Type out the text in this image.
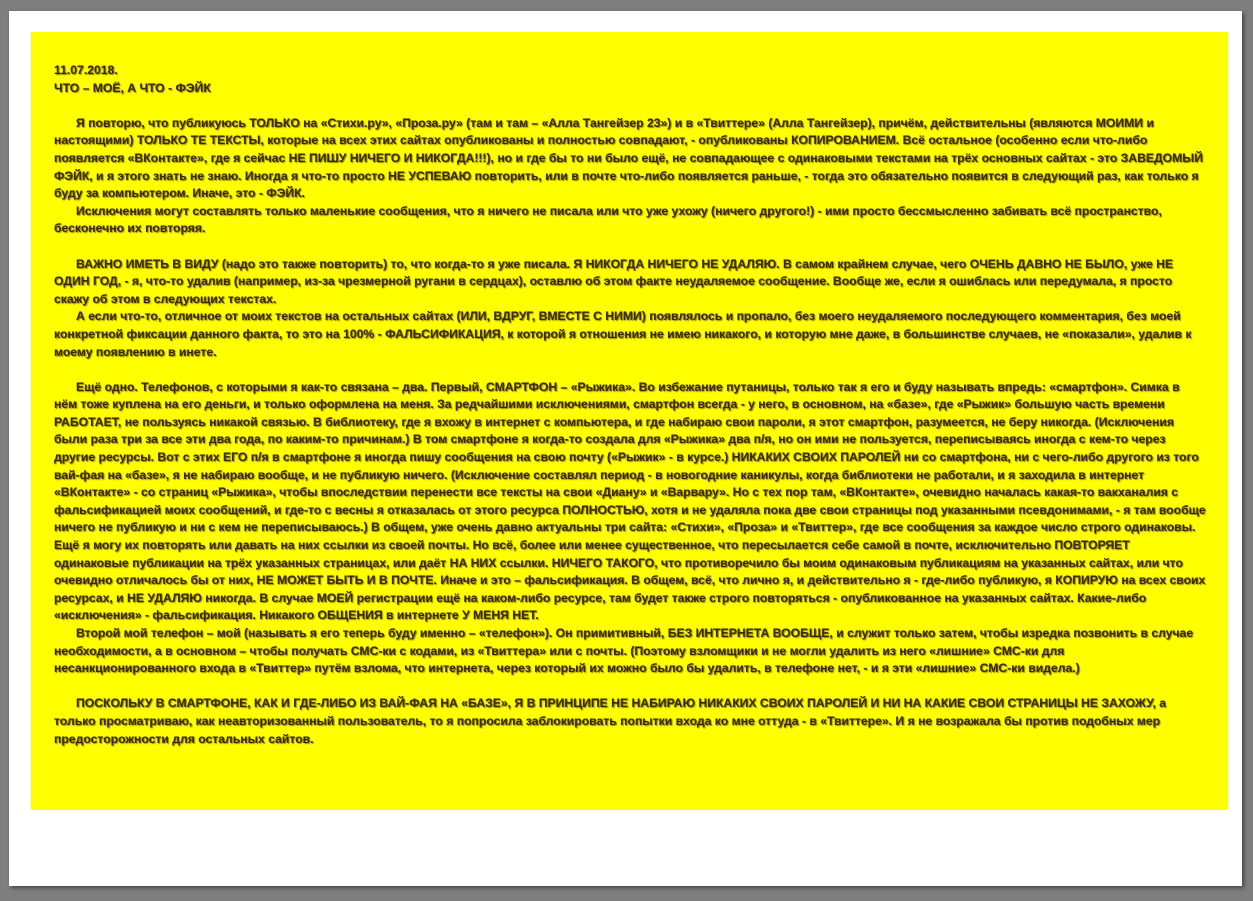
11.07.2018.

ЧТО – МОЁ, А ЧТО - ФЭЙК

Я повторю, что публикуюсь ТОЛЬКО на «Стихи.ру», «Проза.ру» (там и там – «Алла Тангейзер 23») и в «Твиттере» (Алла Тангейзер), причём, действительны (являются МОИМИ и настоящими) ТОЛЬКО ТЕ ТЕКСТЫ, которые на всех этих сайтах опубликованы и полностью совпадают, - опубликованы КОПИРОВАНИЕМ. Всё остальное (особенно если что-либо появляется «ВКонтакте», где я сейчас НЕ ПИШУ НИЧЕГО И НИКОГДА!!!), но и где бы то ни было ещё, не совпадающее с одинаковыми текстами на трёх основных сайтах - это ЗАВЕДОМЫЙ ФЭЙК, и я этого знать не знаю. Иногда я что-то просто НЕ УСПЕВАЮ повторить, или в почте что-либо появляется раньше, - тогда это обязательно появится в следующий раз, как только я буду за компьютером. Иначе, это - ФЭЙК.

Исключения могут составлять только маленькие сообщения, что я ничего не писала или что уже ухожу (ничего другого!) - ими просто бессмысленно забивать всё пространство, бесконечно их повторяя.

ВАЖНО ИМЕТЬ В ВИДУ (надо это также повторить) то, что когда-то я уже писала. Я НИКОГДА НИЧЕГО НЕ УДАЛЯЮ. В самом крайнем случае, чего ОЧЕНЬ ДАВНО НЕ БЫЛО, уже НЕ ОДИН ГОД, - я, что-то удалив (например, из-за чрезмерной ругани в сердцах), оставлю об этом факте неудаляемое сообщение. Вообще же, если я ошиблась или передумала, я просто скажу об этом в следующих текстах.

А если что-то, отличное от моих текстов на остальных сайтах (ИЛИ, ВДРУГ, ВМЕСТЕ С НИМИ) появлялось и пропало, без моего неудаляемого последующего комментария, без моей конкретной фиксации данного факта, то это на 100% - ФАЛЬСИФИКАЦИЯ, к которой я отношения не имею никакого, и которую мне даже, в большинстве случаев, не «показали», удалив к моему появлению в инете.

Ещё одно. Телефонов, с которыми я как-то связана – два. Первый, СМАРТФОН – «Рыжика». Во избежание путаницы, только так я его и буду называть впредь: «смартфон». Симка в нём тоже куплена на его деньги, и только оформлена на меня. За редчайшими исключениями, смартфон всегда - у него, в основном, на «базе», где «Рыжик» большую часть времени РАБОТАЕТ, не пользуясь никакой связью. В библиотеку, где я вхожу в интернет с компьютера, и где набираю свои пароли, я этот смартфон, разумеется, не беру никогда. (Исключения были раза три за все эти два года, по каким-то причинам.) В том смартфоне я когда-то создала для «Рыжика» два п/я, но он ими не пользуется, переписываясь иногда с кем-то через другие ресурсы. Вот с этих ЕГО п/я в смартфоне я иногда пишу сообщения на свою почту («Рыжик» - в курсе.) НИКАКИХ СВОИХ ПАРОЛЕЙ ни со смартфона, ни с чего-либо другого из того вай-фая на «базе», я не набираю вообще, и не публикую ничего. (Исключение составлял период - в новогодние каникулы, когда библиотеки не работали, и я заходила в интернет «ВКонтакте» - со страниц «Рыжика», чтобы впоследствии перенести все тексты на свои «Диану» и «Варвару». Но с тех пор там, «ВКонтакте», очевидно началась какая-то вакханалия с фальсификацией моих сообщений, и где-то с весны я отказалась от этого ресурса ПОЛНОСТЬЮ, хотя и не удаляла пока две свои страницы под указанными псевдонимами, - я там вообще ничего не публикую и ни с кем не переписываюсь.) В общем, уже очень давно актуальны три сайта: «Стихи», «Проза» и «Твиттер», где все сообщения за каждое число строго одинаковы. Ещё я могу их повторять или давать на них ссылки из своей почты. Но всё, более или менее существенное, что пересылается себе самой в почте, исключительно ПОВТОРЯЕТ одинаковые публикации на трёх указанных страницах, или даёт НА НИХ ссылки. НИЧЕГО ТАКОГО, что противоречило бы моим одинаковым публикациям на указанных сайтах, или что очевидно отличалось бы от них, НЕ МОЖЕТ БЫТЬ И В ПОЧТЕ. Иначе и это – фальсификация. В общем, всё, что лично я, и действительно я - где-либо публикую, я КОПИРУЮ на всех своих ресурсах, и НЕ УДАЛЯЮ никогда. В случае МОЕЙ регистрации ещё на каком-либо ресурсе, там будет также строго повторяться - опубликованное на указанных сайтах. Какие-либо «исключения» - фальсификация. Никакого ОБЩЕНИЯ в интернете У МЕНЯ НЕТ.

Второй мой телефон – мой (называть я его теперь буду именно – «телефон»). Он примитивный, БЕЗ ИНТЕРНЕТА ВООБЩЕ, и служит только затем, чтобы изредка позвонить в случае необходимости, а в основном – чтобы получать СМС-ки с кодами, из «Твиттера» или с почты. (Поэтому взломщики и не могли удалить из него «лишние» СМС-ки для несанкционированного входа в «Твиттер» путём взлома, что интернета, через который их можно было бы удалить, в телефоне нет, - и я эти «лишние» СМС-ки видела.)

ПОСКОЛЬКУ В СМАРТФОНЕ, КАК И ГДЕ-ЛИБО ИЗ ВАЙ-ФАЯ НА «БАЗЕ», Я В ПРИНЦИПЕ НЕ НАБИРАЮ НИКАКИХ СВОИХ ПАРОЛЕЙ И НИ НА КАКИЕ СВОИ СТРАНИЦЫ НЕ ЗАХОЖУ, а только просматриваю, как неавторизованный пользователь, то я попросила заблокировать попытки входа ко мне оттуда - в «Твиттере». И я не возражала бы против подобных мер предосторожности для остальных сайтов.
